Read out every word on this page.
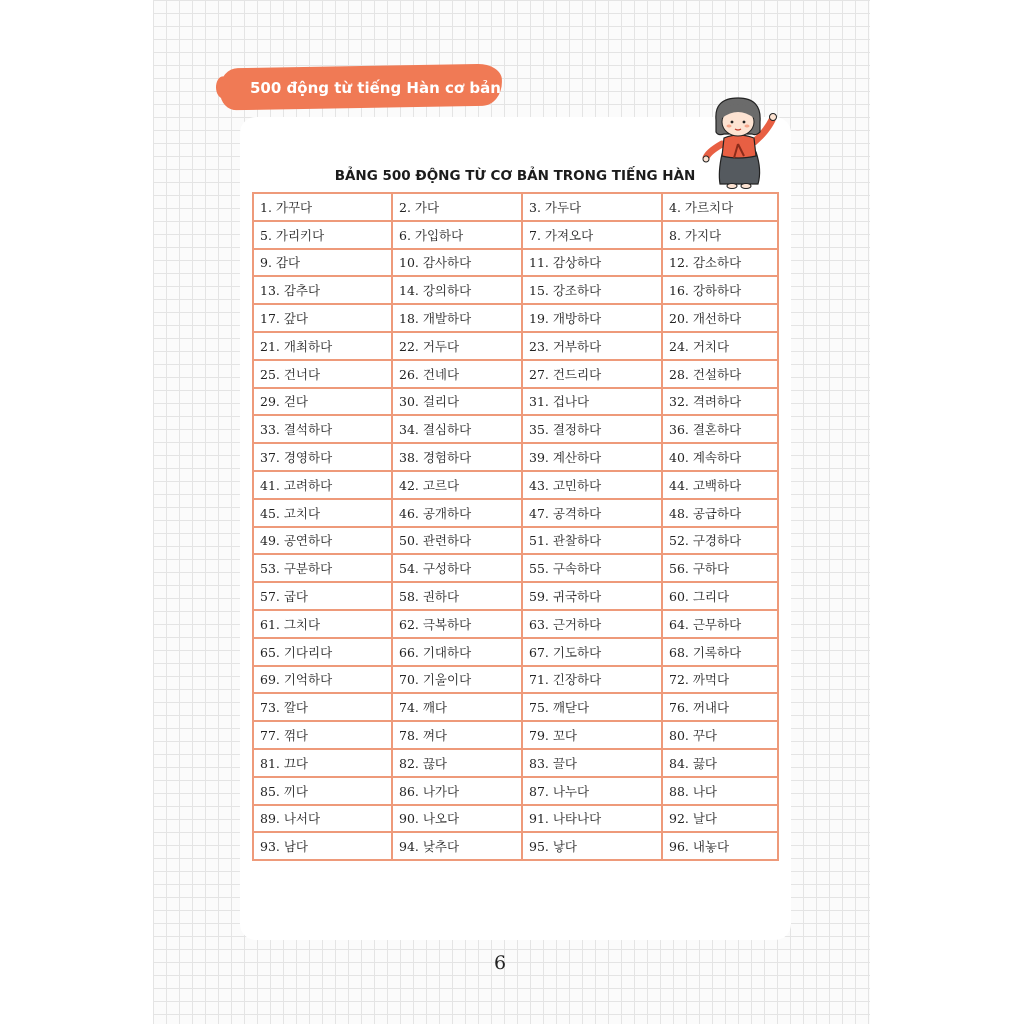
500 động từ tiếng Hàn cơ bản
BẢNG 500 ĐỘNG TỪ CƠ BẢN TRONG TIẾNG HÀN
1. 가꾸다	2. 가다	3. 가두다	4. 가르치다
5. 가리키다	6. 가입하다	7. 가져오다	8. 가지다
9. 감다	10. 감사하다	11. 감상하다	12. 감소하다
13. 감추다	14. 강의하다	15. 강조하다	16. 강하하다
17. 갚다	18. 개발하다	19. 개방하다	20. 개선하다
21. 개최하다	22. 거두다	23. 거부하다	24. 거치다
25. 건너다	26. 건네다	27. 건드리다	28. 건설하다
29. 걷다	30. 걸리다	31. 겁나다	32. 격려하다
33. 결석하다	34. 결심하다	35. 결정하다	36. 결혼하다
37. 경영하다	38. 경험하다	39. 계산하다	40. 계속하다
41. 고려하다	42. 고르다	43. 고민하다	44. 고백하다
45. 고치다	46. 공개하다	47. 공격하다	48. 공급하다
49. 공연하다	50. 관련하다	51. 관찰하다	52. 구경하다
53. 구분하다	54. 구성하다	55. 구속하다	56. 구하다
57. 굽다	58. 권하다	59. 귀국하다	60. 그리다
61. 그치다	62. 극복하다	63. 근거하다	64. 근무하다
65. 기다리다	66. 기대하다	67. 기도하다	68. 기록하다
69. 기억하다	70. 기울이다	71. 긴장하다	72. 까먹다
73. 깔다	74. 깨다	75. 깨닫다	76. 꺼내다
77. 꺾다	78. 껴다	79. 꼬다	80. 꾸다
81. 끄다	82. 끊다	83. 끌다	84. 끓다
85. 끼다	86. 나가다	87. 나누다	88. 나다
89. 나서다	90. 나오다	91. 나타나다	92. 날다
93. 남다	94. 낮추다	95. 낳다	96. 내놓다
6
